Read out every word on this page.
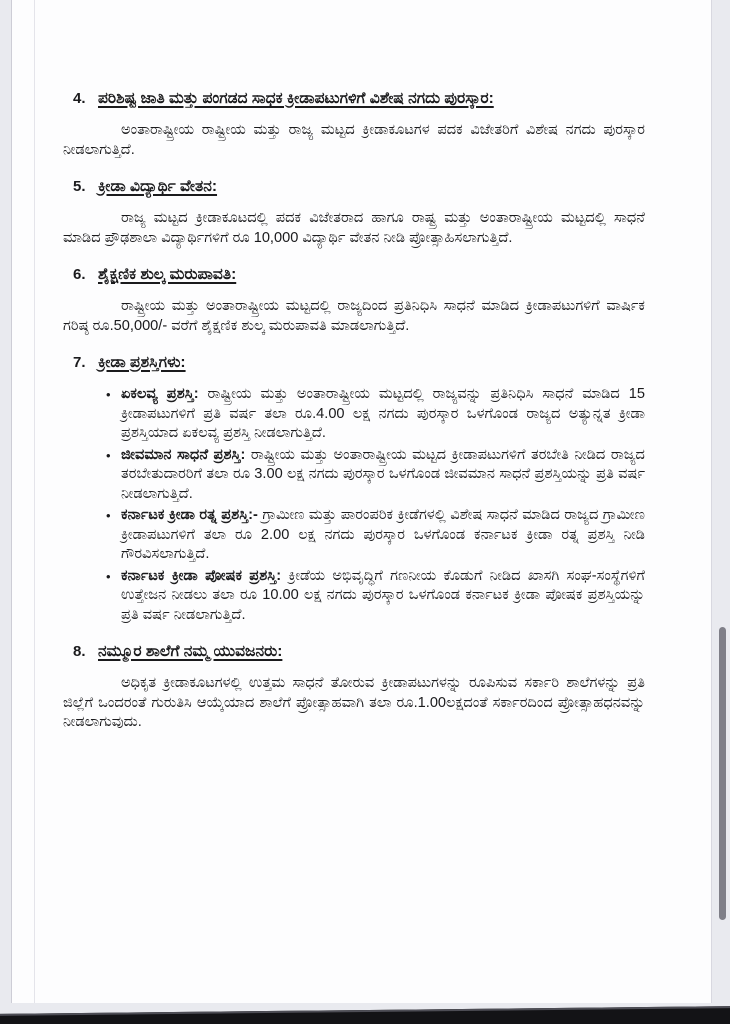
4. ಪರಿಶಿಷ್ಟ ಜಾತಿ ಮತ್ತು ಪಂಗಡದ ಸಾಧಕ ಕ್ರೀಡಾಪಟುಗಳಿಗೆ ವಿಶೇಷ ನಗದು ಪುರಸ್ಕಾರ:

ಅಂತಾರಾಷ್ಟ್ರೀಯ ರಾಷ್ಟ್ರೀಯ ಮತ್ತು ರಾಜ್ಯ ಮಟ್ಟದ ಕ್ರೀಡಾಕೂಟಗಳ ಪದಕ ವಿಜೇತರಿಗೆ ವಿಶೇಷ ನಗದು ಪುರಸ್ಕಾರ ನೀಡಲಾಗುತ್ತಿದೆ.

5. ಕ್ರೀಡಾ ವಿದ್ಯಾರ್ಥಿ ವೇತನ:

ರಾಜ್ಯ ಮಟ್ಟದ ಕ್ರೀಡಾಕೂಟದಲ್ಲಿ ಪದಕ ವಿಜೇತರಾದ ಹಾಗೂ ರಾಷ್ಟ್ರ ಮತ್ತು ಅಂತಾರಾಷ್ಟ್ರೀಯ ಮಟ್ಟದಲ್ಲಿ ಸಾಧನೆ ಮಾಡಿದ ಪ್ರೌಢಶಾಲಾ ವಿದ್ಯಾರ್ಥಿಗಳಿಗೆ ರೂ 10,000 ವಿದ್ಯಾರ್ಥಿ ವೇತನ ನೀಡಿ ಪ್ರೋತ್ಸಾಹಿಸಲಾಗುತ್ತಿದೆ.

6. ಶೈಕ್ಷಣಿಕ ಶುಲ್ಕ ಮರುಪಾವತಿ:

ರಾಷ್ಟ್ರೀಯ ಮತ್ತು ಅಂತಾರಾಷ್ಟ್ರೀಯ ಮಟ್ಟದಲ್ಲಿ ರಾಜ್ಯದಿಂದ ಪ್ರತಿನಿಧಿಸಿ ಸಾಧನೆ ಮಾಡಿದ ಕ್ರೀಡಾಪಟುಗಳಿಗೆ ವಾರ್ಷಿಕ ಗರಿಷ್ಠ ರೂ.50,000/- ವರೆಗೆ ಶೈಕ್ಷಣಿಕ ಶುಲ್ಕ ಮರುಪಾವತಿ ಮಾಡಲಾಗುತ್ತಿದೆ.

7. ಕ್ರೀಡಾ ಪ್ರಶಸ್ತಿಗಳು:
• ಏಕಲವ್ಯ ಪ್ರಶಸ್ತಿ: ರಾಷ್ಟ್ರೀಯ ಮತ್ತು ಅಂತಾರಾಷ್ಟ್ರೀಯ ಮಟ್ಟದಲ್ಲಿ ರಾಜ್ಯವನ್ನು ಪ್ರತಿನಿಧಿಸಿ ಸಾಧನೆ ಮಾಡಿದ 15 ಕ್ರೀಡಾಪಟುಗಳಿಗೆ ಪ್ರತಿ ವರ್ಷ ತಲಾ ರೂ.4.00 ಲಕ್ಷ ನಗದು ಪುರಸ್ಕಾರ ಒಳಗೊಂಡ ರಾಜ್ಯದ ಅತ್ಯುನ್ನತ ಕ್ರೀಡಾ ಪ್ರಶಸ್ತಿಯಾದ ಏಕಲವ್ಯ ಪ್ರಶಸ್ತಿ ನೀಡಲಾಗುತ್ತಿದೆ.
• ಜೀವಮಾನ ಸಾಧನೆ ಪ್ರಶಸ್ತಿ: ರಾಷ್ಟ್ರೀಯ ಮತ್ತು ಅಂತಾರಾಷ್ಟ್ರೀಯ ಮಟ್ಟದ ಕ್ರೀಡಾಪಟುಗಳಿಗೆ ತರಬೇತಿ ನೀಡಿದ ರಾಜ್ಯದ ತರಬೇತುದಾರರಿಗೆ ತಲಾ ರೂ 3.00 ಲಕ್ಷ ನಗದು ಪುರಸ್ಕಾರ ಒಳಗೊಂಡ ಜೀವಮಾನ ಸಾಧನೆ ಪ್ರಶಸ್ತಿಯನ್ನು ಪ್ರತಿ ವರ್ಷ ನೀಡಲಾಗುತ್ತಿದೆ.
• ಕರ್ನಾಟಕ ಕ್ರೀಡಾ ರತ್ನ ಪ್ರಶಸ್ತಿ:- ಗ್ರಾಮೀಣ ಮತ್ತು ಪಾರಂಪರಿಕ ಕ್ರೀಡೆಗಳಲ್ಲಿ ವಿಶೇಷ ಸಾಧನೆ ಮಾಡಿದ ರಾಜ್ಯದ ಗ್ರಾಮೀಣ ಕ್ರೀಡಾಪಟುಗಳಿಗೆ ತಲಾ ರೂ 2.00 ಲಕ್ಷ ನಗದು ಪುರಸ್ಕಾರ ಒಳಗೊಂಡ ಕರ್ನಾಟಕ ಕ್ರೀಡಾ ರತ್ನ ಪ್ರಶಸ್ತಿ ನೀಡಿ ಗೌರವಿಸಲಾಗುತ್ತಿದೆ.
• ಕರ್ನಾಟಕ ಕ್ರೀಡಾ ಪೋಷಕ ಪ್ರಶಸ್ತಿ: ಕ್ರೀಡೆಯ ಅಭಿವೃದ್ಧಿಗೆ ಗಣನೀಯ ಕೊಡುಗೆ ನೀಡಿದ ಖಾಸಗಿ ಸಂಘ-ಸಂಸ್ಥೆಗಳಿಗೆ ಉತ್ತೇಜನ ನೀಡಲು ತಲಾ ರೂ 10.00 ಲಕ್ಷ ನಗದು ಪುರಸ್ಕಾರ ಒಳಗೊಂಡ ಕರ್ನಾಟಕ ಕ್ರೀಡಾ ಪೋಷಕ ಪ್ರಶಸ್ತಿಯನ್ನು ಪ್ರತಿ ವರ್ಷ ನೀಡಲಾಗುತ್ತಿದೆ.
8. ನಮ್ಮೂರ ಶಾಲೆಗೆ ನಮ್ಮ ಯುವಜನರು:

ಅಧಿಕೃತ ಕ್ರೀಡಾಕೂಟಗಳಲ್ಲಿ ಉತ್ತಮ ಸಾಧನೆ ತೋರುವ ಕ್ರೀಡಾಪಟುಗಳನ್ನು ರೂಪಿಸುವ ಸರ್ಕಾರಿ ಶಾಲೆಗಳನ್ನು ಪ್ರತಿ ಜಿಲ್ಲೆಗೆ ಒಂದರಂತೆ ಗುರುತಿಸಿ ಆಯ್ಕೆಯಾದ ಶಾಲೆಗೆ ಪ್ರೋತ್ಸಾಹವಾಗಿ ತಲಾ ರೂ.1.00ಲಕ್ಷದಂತೆ ಸರ್ಕಾರದಿಂದ ಪ್ರೋತ್ಸಾಹಧನವನ್ನು ನೀಡಲಾಗುವುದು.
